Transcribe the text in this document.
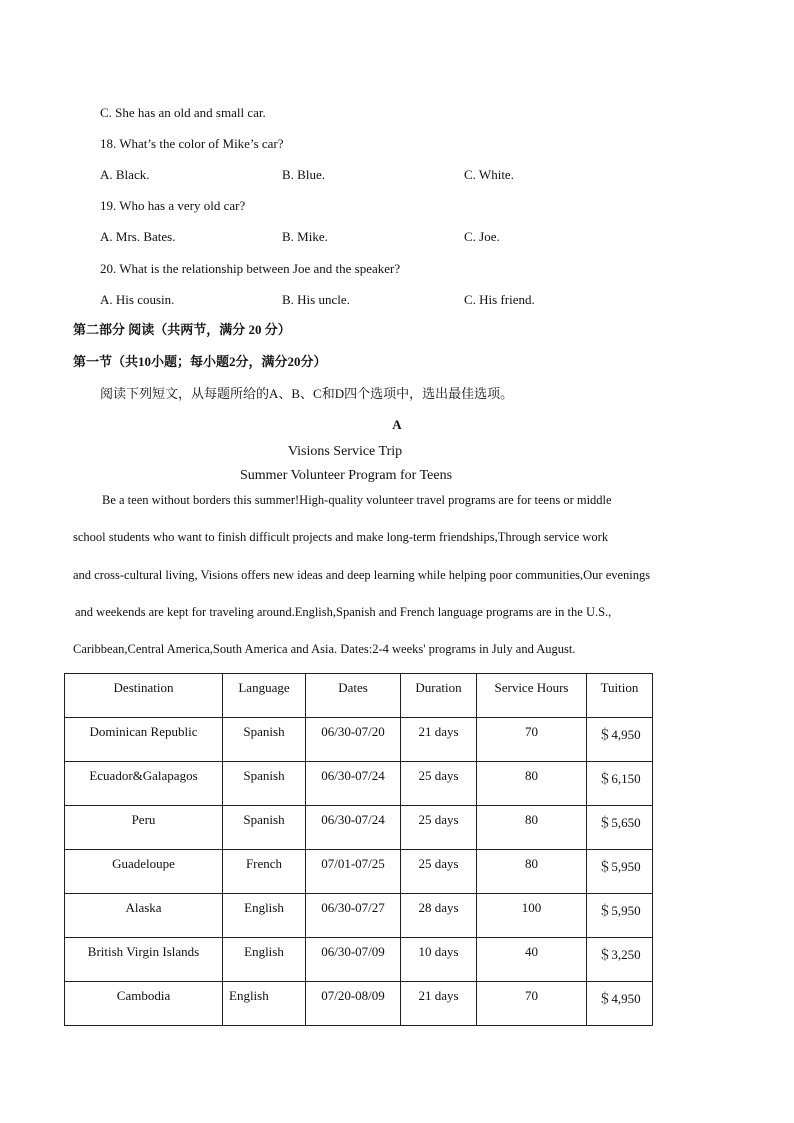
C. She has an old and small car.
18. What’s the color of Mike’s car?
A. Black.	B. Blue.	C. White.
19. Who has a very old car?
A. Mrs. Bates.	B. Mike.	C. Joe.
20. What is the relationship between Joe and the speaker?
A. His cousin.	B. His uncle.	C. His friend.
第二部分 阅读（共两节，满分 20 分）
第一节（共10小题；每小题2分，满分20分）
阅读下列短文，从每题所给的A、B、C和D四个选项中，选出最佳选项。
A
Visions Service Trip
Summer Volunteer Program for Teens
Be a teen without borders this summer!High-quality volunteer travel programs are for teens or middle
school students who want to finish difficult projects and make long-term friendships,Through service work
and cross-cultural living, Visions offers new ideas and deep learning while helping poor communities,Our evenings
and weekends are kept for traveling around.English,Spanish and French language programs are in the U.S.,
Caribbean,Central America,South America and Asia. Dates:2-4 weeks' programs in July and August.
Destination	Language	Dates	Duration	Service Hours	Tuition
Dominican Republic	Spanish	06/30-07/20	21 days	70	＄4,950
Ecuador&Galapagos	Spanish	06/30-07/24	25 days	80	＄6,150
Peru	Spanish	06/30-07/24	25 days	80	＄5,650
Guadeloupe	French	07/01-07/25	25 days	80	＄5,950
Alaska	English	06/30-07/27	28 days	100	＄5,950
British Virgin Islands	English	06/30-07/09	10 days	40	＄3,250
Cambodia	English	07/20-08/09	21 days	70	＄4,950
